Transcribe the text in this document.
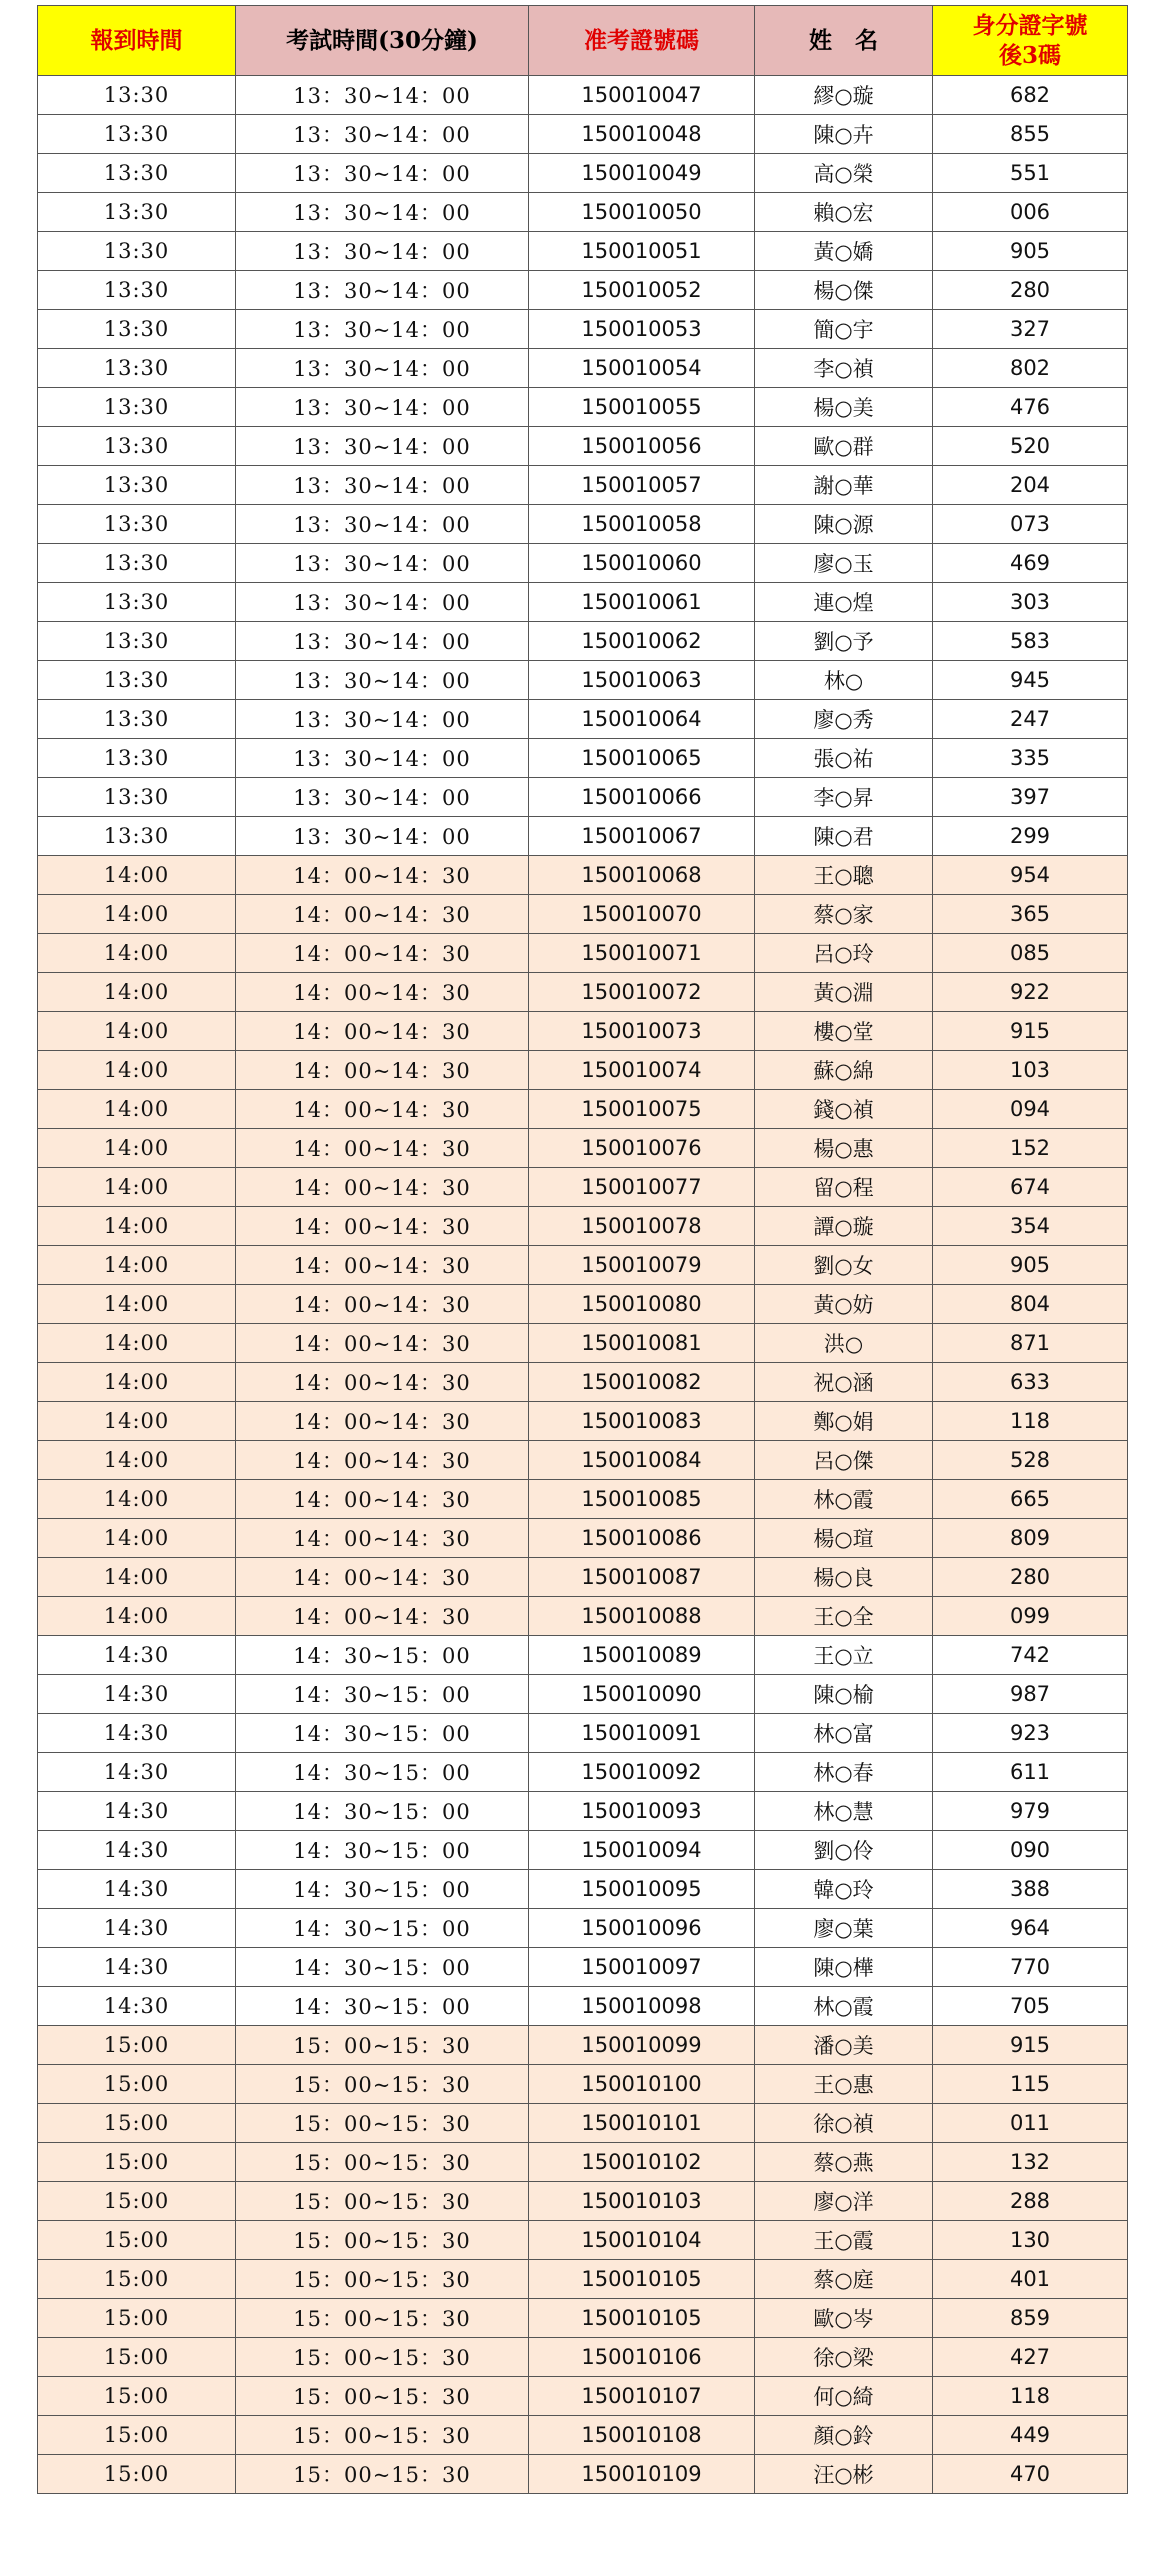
報到時間	考試時間(30分鐘)	准考證號碼	姓　名	身分證字號
後3碼

13:30	13：30~14：00	150010047	繆○璇	682
13:30	13：30~14：00	150010048	陳○卉	855
13:30	13：30~14：00	150010049	高○榮	551
13:30	13：30~14：00	150010050	賴○宏	006
13:30	13：30~14：00	150010051	黃○嬌	905
13:30	13：30~14：00	150010052	楊○傑	280
13:30	13：30~14：00	150010053	簡○宇	327
13:30	13：30~14：00	150010054	李○禎	802
13:30	13：30~14：00	150010055	楊○美	476
13:30	13：30~14：00	150010056	歐○群	520
13:30	13：30~14：00	150010057	謝○華	204
13:30	13：30~14：00	150010058	陳○源	073
13:30	13：30~14：00	150010060	廖○玉	469
13:30	13：30~14：00	150010061	連○煌	303
13:30	13：30~14：00	150010062	劉○予	583
13:30	13：30~14：00	150010063	林○	945
13:30	13：30~14：00	150010064	廖○秀	247
13:30	13：30~14：00	150010065	張○祐	335
13:30	13：30~14：00	150010066	李○昇	397
13:30	13：30~14：00	150010067	陳○君	299
14:00	14：00~14：30	150010068	王○聰	954
14:00	14：00~14：30	150010070	蔡○家	365
14:00	14：00~14：30	150010071	呂○玲	085
14:00	14：00~14：30	150010072	黃○淵	922
14:00	14：00~14：30	150010073	樓○堂	915
14:00	14：00~14：30	150010074	蘇○綿	103
14:00	14：00~14：30	150010075	錢○禎	094
14:00	14：00~14：30	150010076	楊○惠	152
14:00	14：00~14：30	150010077	留○程	674
14:00	14：00~14：30	150010078	譚○璇	354
14:00	14：00~14：30	150010079	劉○女	905
14:00	14：00~14：30	150010080	黃○妨	804
14:00	14：00~14：30	150010081	洪○	871
14:00	14：00~14：30	150010082	祝○涵	633
14:00	14：00~14：30	150010083	鄭○娟	118
14:00	14：00~14：30	150010084	呂○傑	528
14:00	14：00~14：30	150010085	林○霞	665
14:00	14：00~14：30	150010086	楊○瑄	809
14:00	14：00~14：30	150010087	楊○良	280
14:00	14：00~14：30	150010088	王○全	099
14:30	14：30~15：00	150010089	王○立	742
14:30	14：30~15：00	150010090	陳○榆	987
14:30	14：30~15：00	150010091	林○富	923
14:30	14：30~15：00	150010092	林○春	611
14:30	14：30~15：00	150010093	林○慧	979
14:30	14：30~15：00	150010094	劉○伶	090
14:30	14：30~15：00	150010095	韓○玲	388
14:30	14：30~15：00	150010096	廖○葉	964
14:30	14：30~15：00	150010097	陳○樺	770
14:30	14：30~15：00	150010098	林○霞	705
15:00	15：00~15：30	150010099	潘○美	915
15:00	15：00~15：30	150010100	王○惠	115
15:00	15：00~15：30	150010101	徐○禎	011
15:00	15：00~15：30	150010102	蔡○燕	132
15:00	15：00~15：30	150010103	廖○洋	288
15:00	15：00~15：30	150010104	王○霞	130
15:00	15：00~15：30	150010105	蔡○庭	401
15:00	15：00~15：30	150010105	歐○岑	859
15:00	15：00~15：30	150010106	徐○梁	427
15:00	15：00~15：30	150010107	何○綺	118
15:00	15：00~15：30	150010108	顏○鈴	449
15:00	15：00~15：30	150010109	汪○彬	470
